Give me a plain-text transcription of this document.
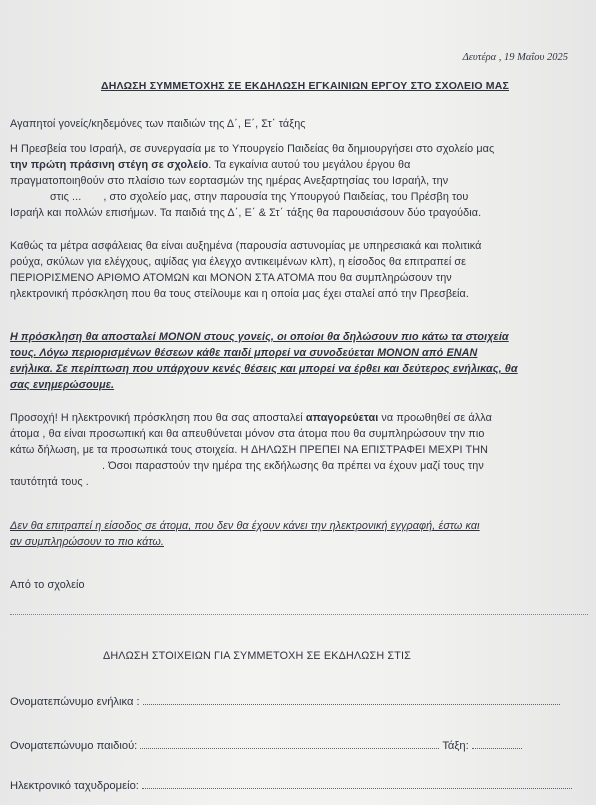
Δευτέρα , 19 Μαΐου 2025
ΔΗΛΩΣΗ ΣΥΜΜΕΤΟΧΗΣ ΣΕ ΕΚΔΗΛΩΣΗ ΕΓΚΑΙΝΙΩΝ ΕΡΓΟΥ ΣΤΟ ΣΧΟΛΕΙΟ ΜΑΣ
Αγαπητοί γονείς/κηδεμόνες των παιδιών της Δ΄, Ε΄, Στ΄ τάξης
Η Πρεσβεία του Ισραήλ, σε συνεργασία με το Υπουργείο Παιδείας θα δημιουργήσει στο σχολείο μας
την πρώτη πράσινη στέγη σε σχολείο. Τα εγκαίνια αυτού του μεγάλου έργου θα
πραγματοποιηθούν στο πλαίσιο των εορτασμών της ημέρας Ανεξαρτησίας του Ισραήλ, την
στις ... , στο σχολείο μας, στην παρουσία της Υπουργού Παιδείας, του Πρέσβη του
Ισραήλ και πολλών επισήμων. Τα παιδιά της Δ΄, Ε΄ & Στ΄ τάξης θα παρουσιάσουν δύο τραγούδια.
Καθώς τα μέτρα ασφάλειας θα είναι αυξημένα (παρουσία αστυνομίας με υπηρεσιακά και πολιτικά
ρούχα, σκύλων για ελέγχους, αψίδας για έλεγχο αντικειμένων κλπ), η είσοδος θα επιτραπεί σε
ΠΕΡΙΟΡΙΣΜΕΝΟ ΑΡΙΘΜΟ ΑΤΟΜΩΝ και ΜΟΝΟΝ ΣΤΑ ΑΤΟΜΑ που θα συμπληρώσουν την
ηλεκτρονική πρόσκληση που θα τους στείλουμε και η οποία μας έχει σταλεί από την Πρεσβεία.
Η πρόσκληση θα αποσταλεί ΜΟΝΟΝ στους γονείς, οι οποίοι θα δηλώσουν πιο κάτω τα στοιχεία
τους. Λόγω περιορισμένων θέσεων κάθε παιδί μπορεί να συνοδεύεται ΜΟΝΟΝ από ΕΝΑΝ
ενήλικα. Σε περίπτωση που υπάρχουν κενές θέσεις και μπορεί να έρθει και δεύτερος ενήλικας, θα
σας ενημερώσουμε.
Προσοχή! Η ηλεκτρονική πρόσκληση που θα σας αποσταλεί απαγορεύεται να προωθηθεί σε άλλα
άτομα , θα είναι προσωπική και θα απευθύνεται μόνον στα άτομα που θα συμπληρώσουν την πιο
κάτω δήλωση, με τα προσωπικά τους στοιχεία. Η ΔΗΛΩΣΗ ΠΡΕΠΕΙ ΝΑ ΕΠΙΣΤΡΑΦΕΙ ΜΕΧΡΙ ΤΗΝ
. Όσοι παραστούν την ημέρα της εκδήλωσης θα πρέπει να έχουν μαζί τους την
ταυτότητά τους .
Δεν θα επιτραπεί η είσοδος σε άτομα, που δεν θα έχουν κάνει την ηλεκτρονική εγγραφή, έστω και
αν συμπληρώσουν το πιο κάτω.
Από το σχολείο
ΔΗΛΩΣΗ ΣΤΟΙΧΕΙΩΝ ΓΙΑ ΣΥΜΜΕΤΟΧΗ ΣΕ ΕΚΔΗΛΩΣΗ ΣΤΙΣ
Ονοματεπώνυμο ενήλικα :
Ονοματεπώνυμο παιδιού:	Τάξη:
Ηλεκτρονικό ταχυδρομείο:
